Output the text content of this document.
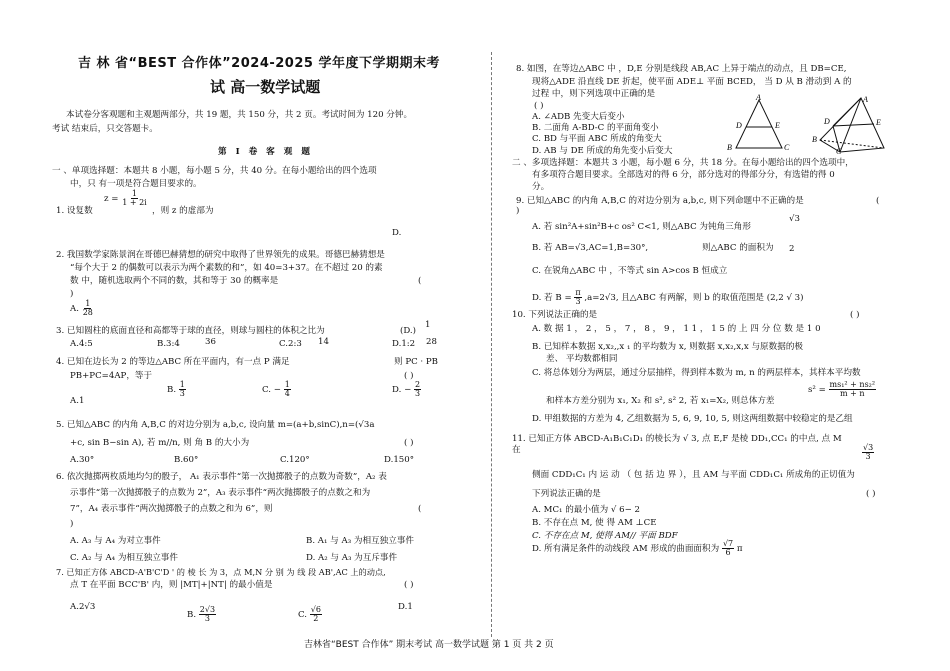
吉 林 省“BEST 合作体”2024-2025 学年度下学期期末考
试 高一数学试题
本试卷分客观题和主观题两部分，共 19 题，共 150 分，共 2 页。考试时间为 120 分钟。
考试 结束后，只交答题卡。
第 I 卷 客 观 题
一 、单项选择题：本题共 8 小题，每小题 5 分，共 40 分。在每小题给出的四个选项
中，只 有一项是符合题目要求的。
1. 设复数
$z = \frac{1}{1 + 2i}$
，则 z 的虚部为
D.
2. 我国数学家陈景润在哥德巴赫猜想的研究中取得了世界领先的成果。哥德巴赫猜想是
“每个大于 2 的偶数可以表示为两个素数的和”，如 40=3+37。在不超过 20 的素
数 中，随机选取两个不同的数，其和等于 30 的概率是	(
)
A. $\frac{1}{28}$
3. 已知圆柱的底面直径和高都等于球的直径，则球与圆柱的体积之比为	(D.)
1
A.4:5	B.3:4	36	C.2:3 14	D.1:2 28
4. 已知在边长为 2 的等边△ABC 所在平面内，有一点 P 满足	则 PC · PB
PB+PC=4AP，等于	( )
A.1
B. $\frac{1}{3}$	C. − $\frac{1}{4}$	D. − $\frac{2}{3}$
5. 已知△ABC 的内角 A,B,C 的对边分别为 a,b,c, 设向量 m=(a+b,sinC),n=(√3a
+c, sin B−sin A), 若 m//n, 则 角 B 的大小为	( )
A.30°	B.60°	C.120°	D.150°
6. 依次抛掷两枚质地均匀的骰子， A₁ 表示事件“第一次抛掷骰子的点数为奇数”，A₂ 表
示事件“第一次抛掷骰子的点数为 2”，A₃ 表示事件“两次抛掷骰子的点数之和为
7”，A₄ 表示事件“两次抛掷骰子的点数之和为 6”，则	(
)
A. A₃ 与 A₄ 为对立事件	B. A₁ 与 A₃ 为相互独立事件
C. A₂ 与 A₄ 为相互独立事件	D. A₂ 与 A₃ 为互斥事件
7. 已知正方体 ABCD-A'B'C'D ' 的 棱 长 为 3，点 M,N 分 别 为 线 段 AB',AC 上的动点,
点 T 在平面 BCC'B' 内，则 |MT|+|NT| 的最小值是	( )
A.2√3
B. $\frac{2√3}{3}$	C. $\frac{√6}{2}$	D.1
8. 如图，在等边△ABC 中 ，D,E 分别是线段 AB,AC 上异于端点的动点，且 DB=CE,
现将△ADE 沿直线 DE 折起，使平面 ADE⊥ 平面 BCED， 当 D 从 B 滑动到 A 的
过程 中，则下列选项中正确的是
( )
A. ∠ADB 先变大后变小
B. 二面角 A-BD-C 的平面角变小
C. BD 与平面 ABC 所成的角变大
D. AB 与 DE 所成的角先变小后变大
A
D	E
B	C
A
E
D
B
C
二 、多项选择题：本题共 3 小题，每小题 6 分，共 18 分。在每小题给出的四个选项中，
有多项符合题目要求。全部选对的得 6 分，部分选对的得部分分，有选错的得 0
分。
9. 已知△ABC 的内角 A,B,C 的对边分别为 a,b,c, 则下列命题中不正确的是	(
)
A. 若 sin²A+sin²B+c os² C<1, 则△ABC 为钝角三角形
√3
B. 若 AB=√3,AC=1,B=30°,	则△ABC 的面积为 2
C. 在锐角△ABC 中 ，不等式 sin A>cos B 恒成立
D. 若 $B = \frac{\pi}{3} ,a=2√3$, 且△ABC 有两解，则 b 的取值范围是 (2,2 √ 3)
10. 下列说法正确的是	( )
A. 数 据 1 ， 2 ， 5 ， 7 ， 8 ， 9 ， 1 1 ， 1 5 的 上 四 分 位 数 是 1 0
B. 已知样本数据 x,x₂,,x ₁ 的平均数为 x, 则数据 x,x₂,x,x 与原数据的极
差、 平均数都相同
C. 将总体划分为两层，通过分层抽样，得到样本数为 m, n 的两层样本，其样本平均数
$s^2 = \frac{\text{ms₁² + ns₂²}}{m + n}$
和样本方差分别为 x₁, X₂ 和 s², s² 2, 若 x₁=X₂, 则总体方差
D. 甲组数据的方差为 4, 乙组数据为 5, 6, 9, 10, 5, 则这两组数据中较稳定的是乙组
11. 已知正方体 ABCD-A₁B₁C₁D₁ 的棱长为 √ 3, 点 E,F 是棱 DD₁,CC₁ 的中点, 点 M
在	$\frac{√3}{3}$
侧面 CDD₁C₁ 内 运 动 （ 包 括 边 界 ），且 AM 与平面 CDD₁C₁ 所成角的正切值为
下列说法正确的是	( )
A. MC₁ 的最小值为 √ 6− 2
B. 不存在点 M, 使 得 AM ⊥CE
C. 不存在点 M, 使得 AM// 平面 BDF
D. 所有满足条件的动线段 AM 形成的曲面面积为 $\frac{√7}{6}$ π
吉林省“BEST 合作体” 期末考试 高一数学试题 第 1 页 共 2 页
